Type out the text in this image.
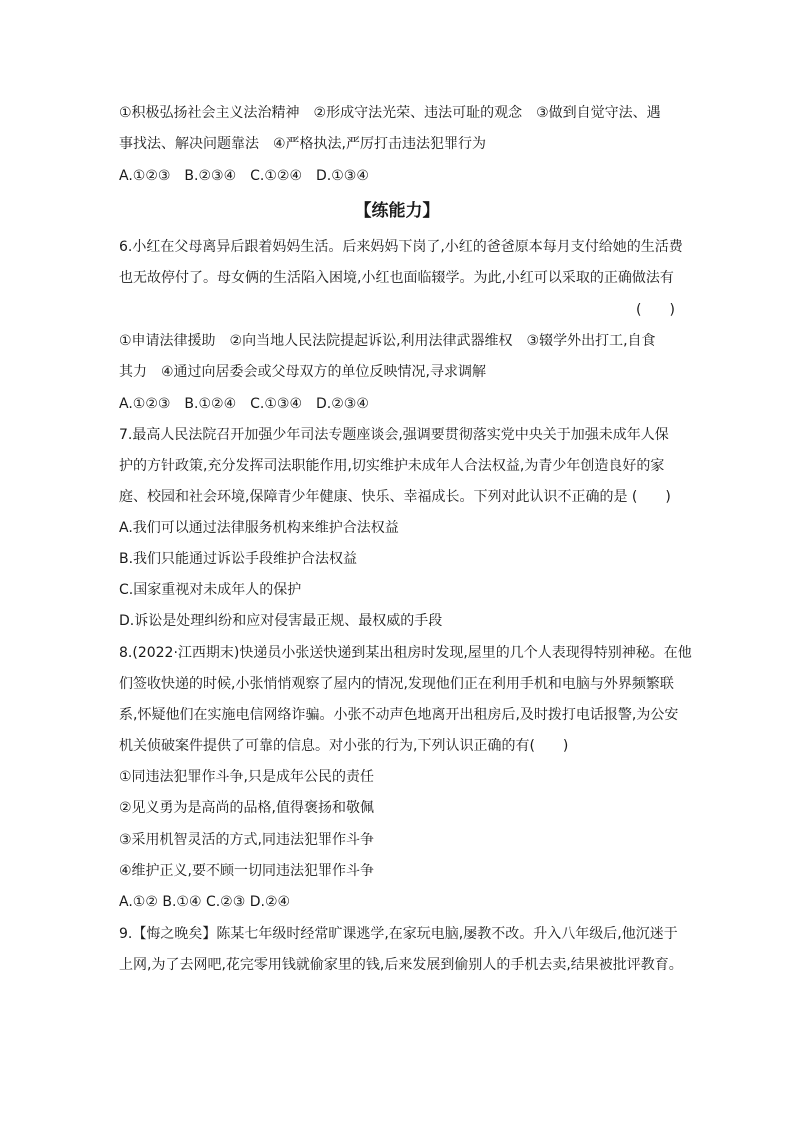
①积极弘扬社会主义法治精神　②形成守法光荣、违法可耻的观念　③做到自觉守法、遇
事找法、解决问题靠法　④严格执法,严厉打击违法犯罪行为
A.①②③　B.②③④　C.①②④　D.①③④
【练能力】
6.小红在父母离异后跟着妈妈生活。后来妈妈下岗了,小红的爸爸原本每月支付给她的生活费
也无故停付了。母女俩的生活陷入困境,小红也面临辍学。为此,小红可以采取的正确做法有
(　　)
①申请法律援助　②向当地人民法院提起诉讼,利用法律武器维权　③辍学外出打工,自食
其力　④通过向居委会或父母双方的单位反映情况,寻求调解
A.①②③　B.①②④　C.①③④　D.②③④
7.最高人民法院召开加强少年司法专题座谈会,强调要贯彻落实党中央关于加强未成年人保
护的方针政策,充分发挥司法职能作用,切实维护未成年人合法权益,为青少年创造良好的家
庭、校园和社会环境,保障青少年健康、快乐、幸福成长。下列对此认识不正确的是 (　　)
A.我们可以通过法律服务机构来维护合法权益
B.我们只能通过诉讼手段维护合法权益
C.国家重视对未成年人的保护
D.诉讼是处理纠纷和应对侵害最正规、最权威的手段
8.(2022·江西期末)快递员小张送快递到某出租房时发现,屋里的几个人表现得特别神秘。在他
们签收快递的时候,小张悄悄观察了屋内的情况,发现他们正在利用手机和电脑与外界频繁联
系,怀疑他们在实施电信网络诈骗。小张不动声色地离开出租房后,及时拨打电话报警,为公安
机关侦破案件提供了可靠的信息。对小张的行为,下列认识正确的有(　　)
①同违法犯罪作斗争,只是成年公民的责任
②见义勇为是高尚的品格,值得褒扬和敬佩
③采用机智灵活的方式,同违法犯罪作斗争
④维护正义,要不顾一切同违法犯罪作斗争
A.①② B.①④ C.②③ D.②④
9.【悔之晚矣】陈某七年级时经常旷课逃学,在家玩电脑,屡教不改。升入八年级后,他沉迷于
上网,为了去网吧,花完零用钱就偷家里的钱,后来发展到偷别人的手机去卖,结果被批评教育。
